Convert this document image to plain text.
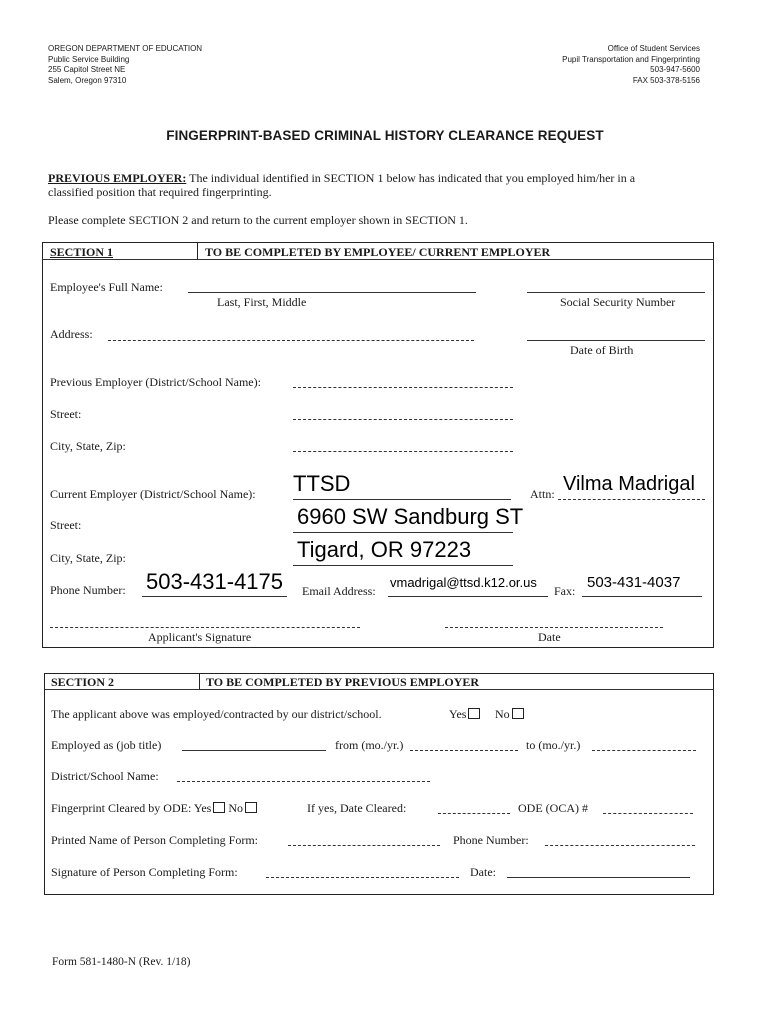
OREGON DEPARTMENT OF EDUCATION
Public Service Building
255 Capitol Street NE
Salem, Oregon 97310
Office of Student Services
Pupil Transportation and Fingerprinting
503-947-5600
FAX 503-378-5156
FINGERPRINT-BASED CRIMINAL HISTORY CLEARANCE REQUEST
PREVIOUS EMPLOYER: The individual identified in SECTION 1 below has indicated that you employed him/her in a
classified position that required fingerprinting.
Please complete SECTION 2 and return to the current employer shown in SECTION 1.
SECTION 1	TO BE COMPLETED BY EMPLOYEE/ CURRENT EMPLOYER
Employee's Full Name:
Last, First, Middle	Social Security Number
Address:
Date of Birth
Previous Employer (District/School Name):
Street:
City, State, Zip:
Current Employer (District/School Name): TTSD	Attn: Vilma Madrigal
Street:	6960 SW Sandburg ST
City, State, Zip:	Tigard, OR 97223
Phone Number: 503-431-4175 Email Address:
vmadrigal@ttsd.k12.or.us
Fax: 503-431-4037
Applicant's Signature	Date
SECTION 2	TO BE COMPLETED BY PREVIOUS EMPLOYER
The applicant above was employed/contracted by our district/school.	Yes	No
Employed as (job title)	from (mo./yr.)	to (mo./yr.)
District/School Name:
Fingerprint Cleared by ODE: Yes No	If yes, Date Cleared:	ODE (OCA) #
Printed Name of Person Completing Form:	Phone Number:
Signature of Person Completing Form:	Date:
Form 581-1480-N (Rev. 1/18)
